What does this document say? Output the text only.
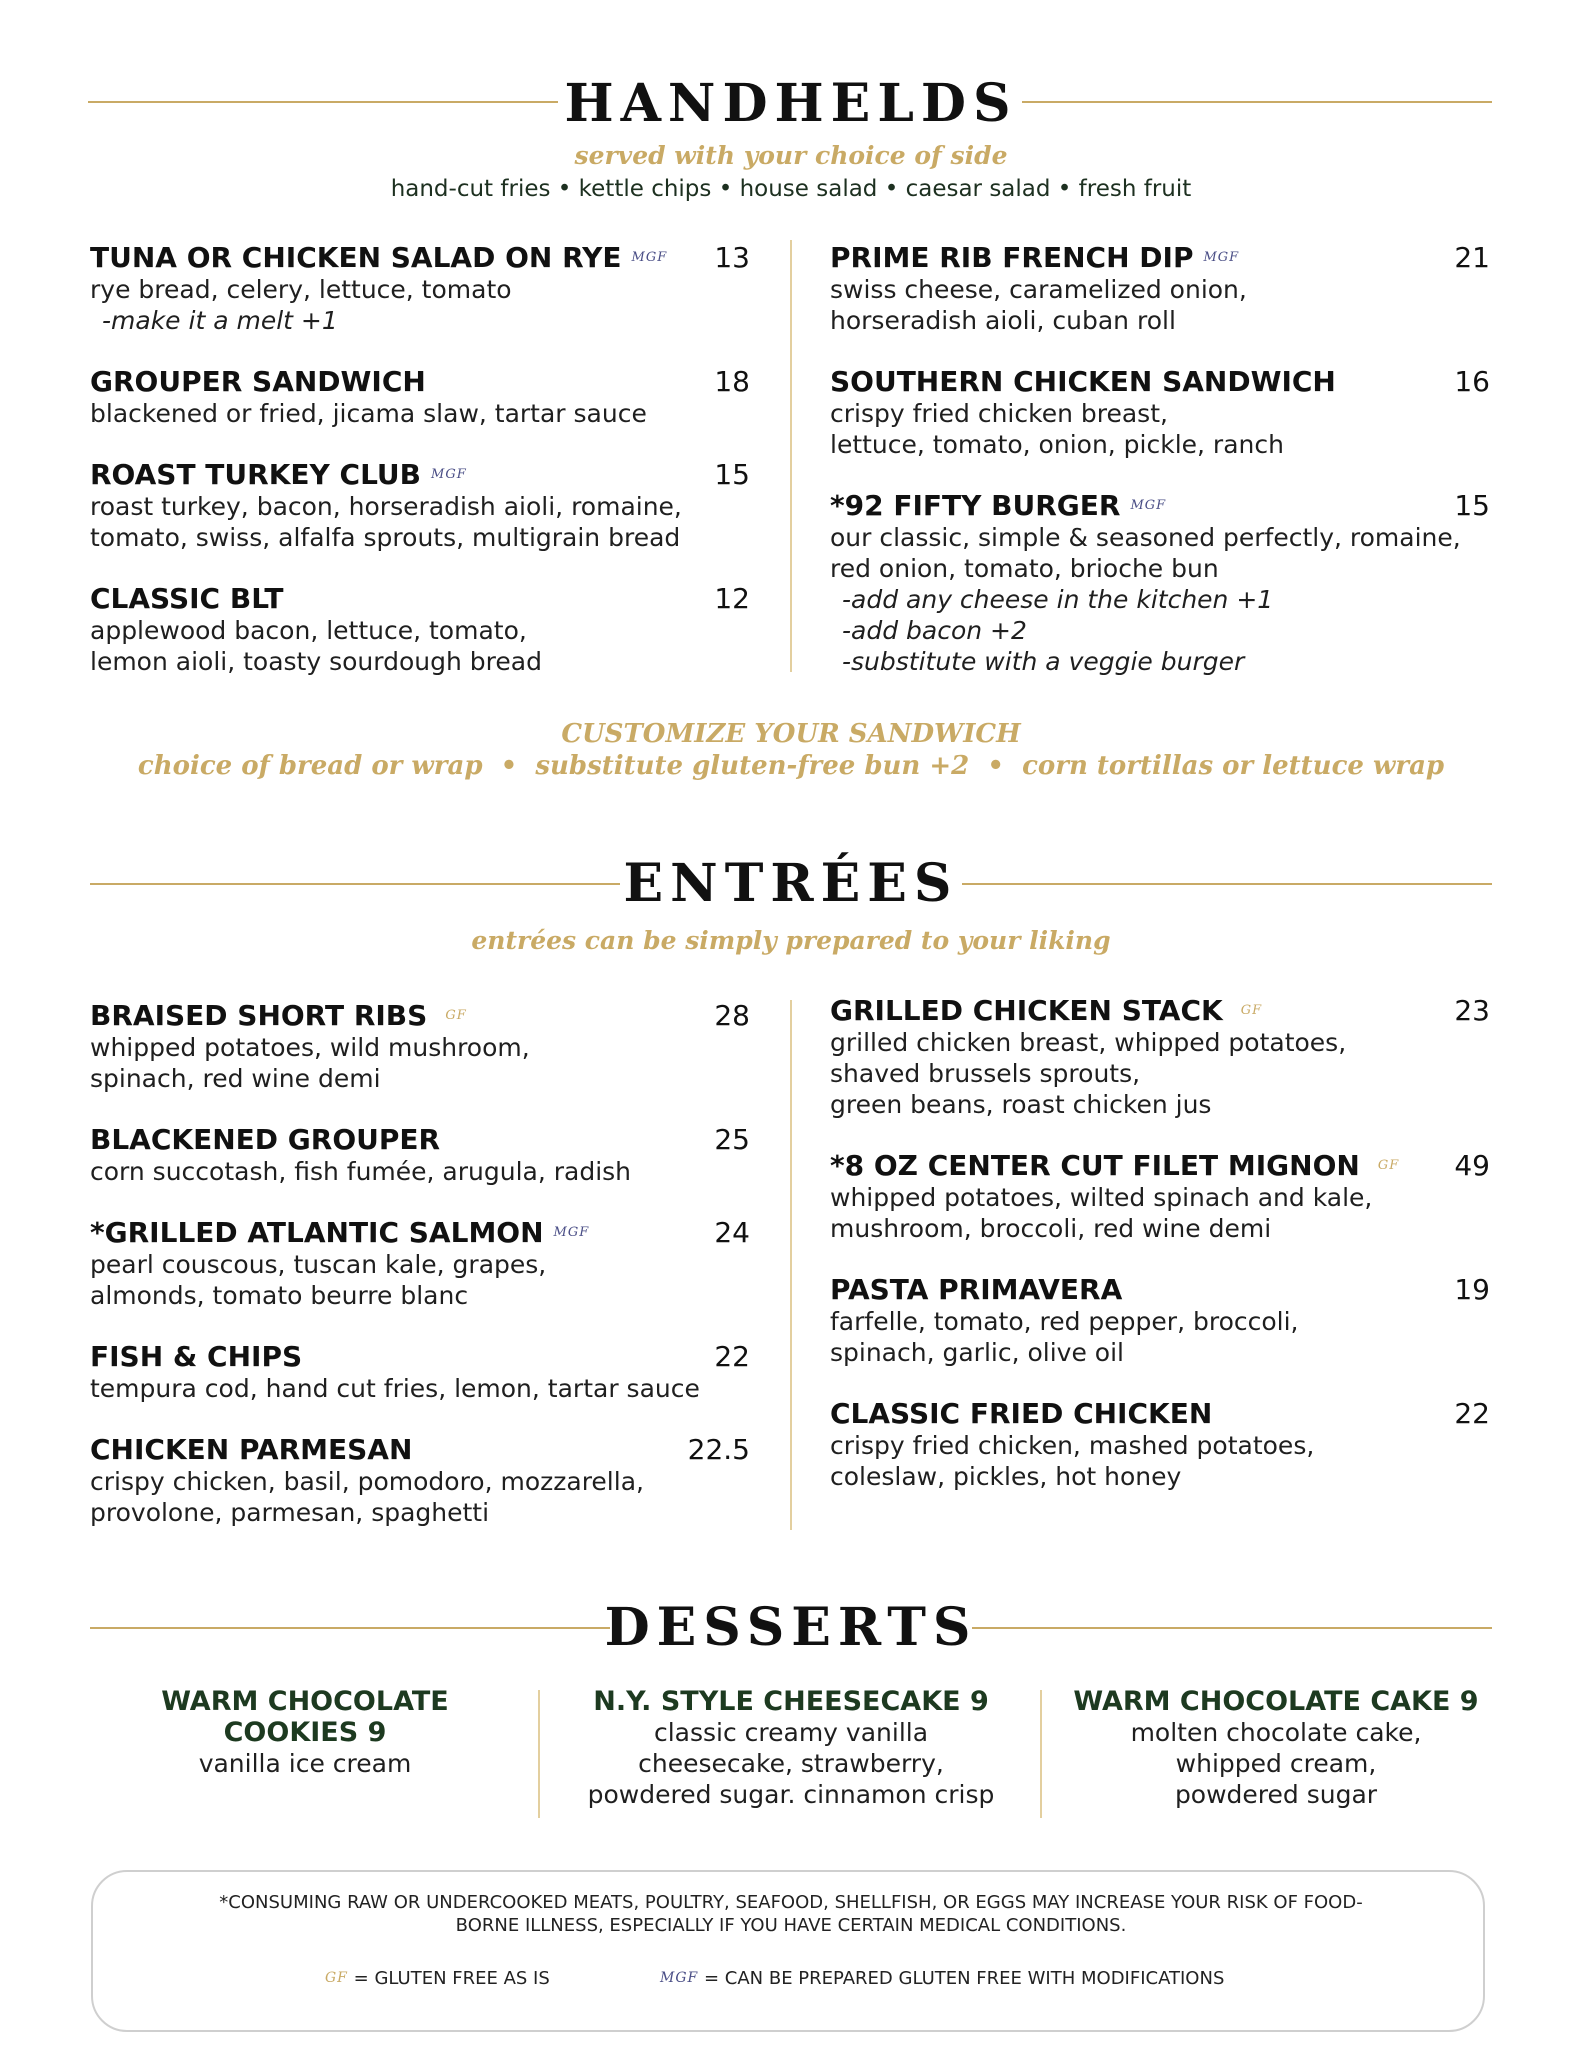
HANDHELDS
served with your choice of side
hand-cut fries • kettle chips • house salad • caesar salad • fresh fruit
TUNA OR CHICKEN SALAD ON RYE $^{MGF}$	13
rye bread, celery, lettuce, tomato
-make it a melt +1
GROUPER SANDWICH	18
blackened or fried, jicama slaw, tartar sauce
ROAST TURKEY CLUB $^{MGF}$	15
roast turkey, bacon, horseradish aioli, romaine,
tomato, swiss, alfalfa sprouts, multigrain bread
CLASSIC BLT	12
applewood bacon, lettuce, tomato,
lemon aioli, toasty sourdough bread
PRIME RIB FRENCH DIP $^{MGF}$	21
swiss cheese, caramelized onion,
horseradish aioli, cuban roll
SOUTHERN CHICKEN SANDWICH	16
crispy fried chicken breast,
lettuce, tomato, onion, pickle, ranch
*92 FIFTY BURGER $^{MGF}$	15
our classic, simple & seasoned perfectly, romaine,
red onion, tomato, brioche bun
-add any cheese in the kitchen +1
-add bacon +2
-substitute with a veggie burger
CUSTOMIZE YOUR SANDWICH
choice of bread or wrap  •  substitute gluten-free bun +2  •  corn tortillas or lettuce wrap
ENTRÉES
entrées can be simply prepared to your liking
BRAISED SHORT RIBS $^{GF}$	28
whipped potatoes, wild mushroom,
spinach, red wine demi
BLACKENED GROUPER	25
corn succotash, fish fumée, arugula, radish
*GRILLED ATLANTIC SALMON $^{MGF}$	24
pearl couscous, tuscan kale, grapes,
almonds, tomato beurre blanc
FISH & CHIPS	22
tempura cod, hand cut fries, lemon, tartar sauce
CHICKEN PARMESAN	22.5
crispy chicken, basil, pomodoro, mozzarella,
provolone, parmesan, spaghetti
GRILLED CHICKEN STACK $^{GF}$	23
grilled chicken breast, whipped potatoes,
shaved brussels sprouts,
green beans, roast chicken jus
*8 OZ CENTER CUT FILET MIGNON $^{GF}$	49
whipped potatoes, wilted spinach and kale,
mushroom, broccoli, red wine demi
PASTA PRIMAVERA	19
farfelle, tomato, red pepper, broccoli,
spinach, garlic, olive oil
CLASSIC FRIED CHICKEN	22
crispy fried chicken, mashed potatoes,
coleslaw, pickles, hot honey
DESSERTS
WARM CHOCOLATE
COOKIES 9
vanilla ice cream
N.Y. STYLE CHEESECAKE 9
classic creamy vanilla
cheesecake, strawberry,
powdered sugar. cinnamon crisp
WARM CHOCOLATE CAKE 9
molten chocolate cake,
whipped cream,
powdered sugar
*CONSUMING RAW OR UNDERCOOKED MEATS, POULTRY, SEAFOOD, SHELLFISH, OR EGGS MAY INCREASE YOUR RISK OF FOOD-
BORNE ILLNESS, ESPECIALLY IF YOU HAVE CERTAIN MEDICAL CONDITIONS.
$^{GF}$ = GLUTEN FREE AS IS	$^{MGF}$ = CAN BE PREPARED GLUTEN FREE WITH MODIFICATIONS
